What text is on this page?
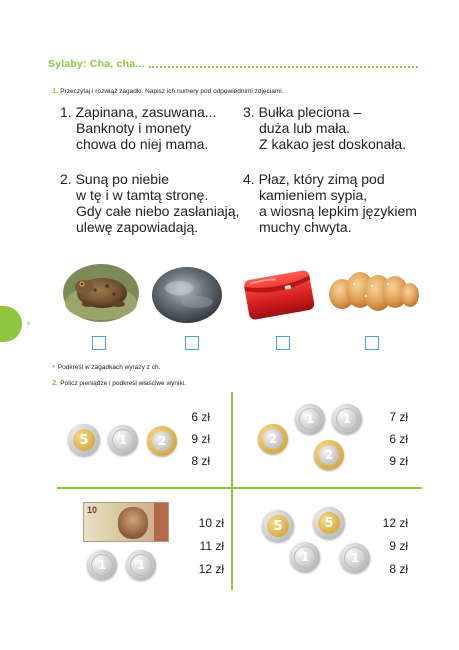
Sylaby: Cha, cha...
1. Przeczytaj i rozwiąż zagadki. Napisz ich numery pod odpowiednimi zdjęciami.
1. Zapinana, zasuwana...
Banknoty i monety
chowa do niej mama.
2. Suną po niebie
w tę i w tamtą stronę.
Gdy całe niebo zasłaniają,
ulewę zapowiadają.
3. Bułka pleciona –
duża lub mała.
Z kakao jest doskonała.
4. Płaz, który zimą pod
kamieniem sypia,
a wiosną lepkim językiem
muchy chwyta.
e
• Podkreśl w zagadkach wyrazy z ch.
2. Policz pieniądze i podkreśl właściwe wyniki.
5	1	2
6 zł
9 zł
8 zł
1	1
2
2
7 zł
6 zł
9 zł
10
1	1
10 zł
11 zł
12 zł
5	5
1	1
12 zł
9 zł
8 zł
